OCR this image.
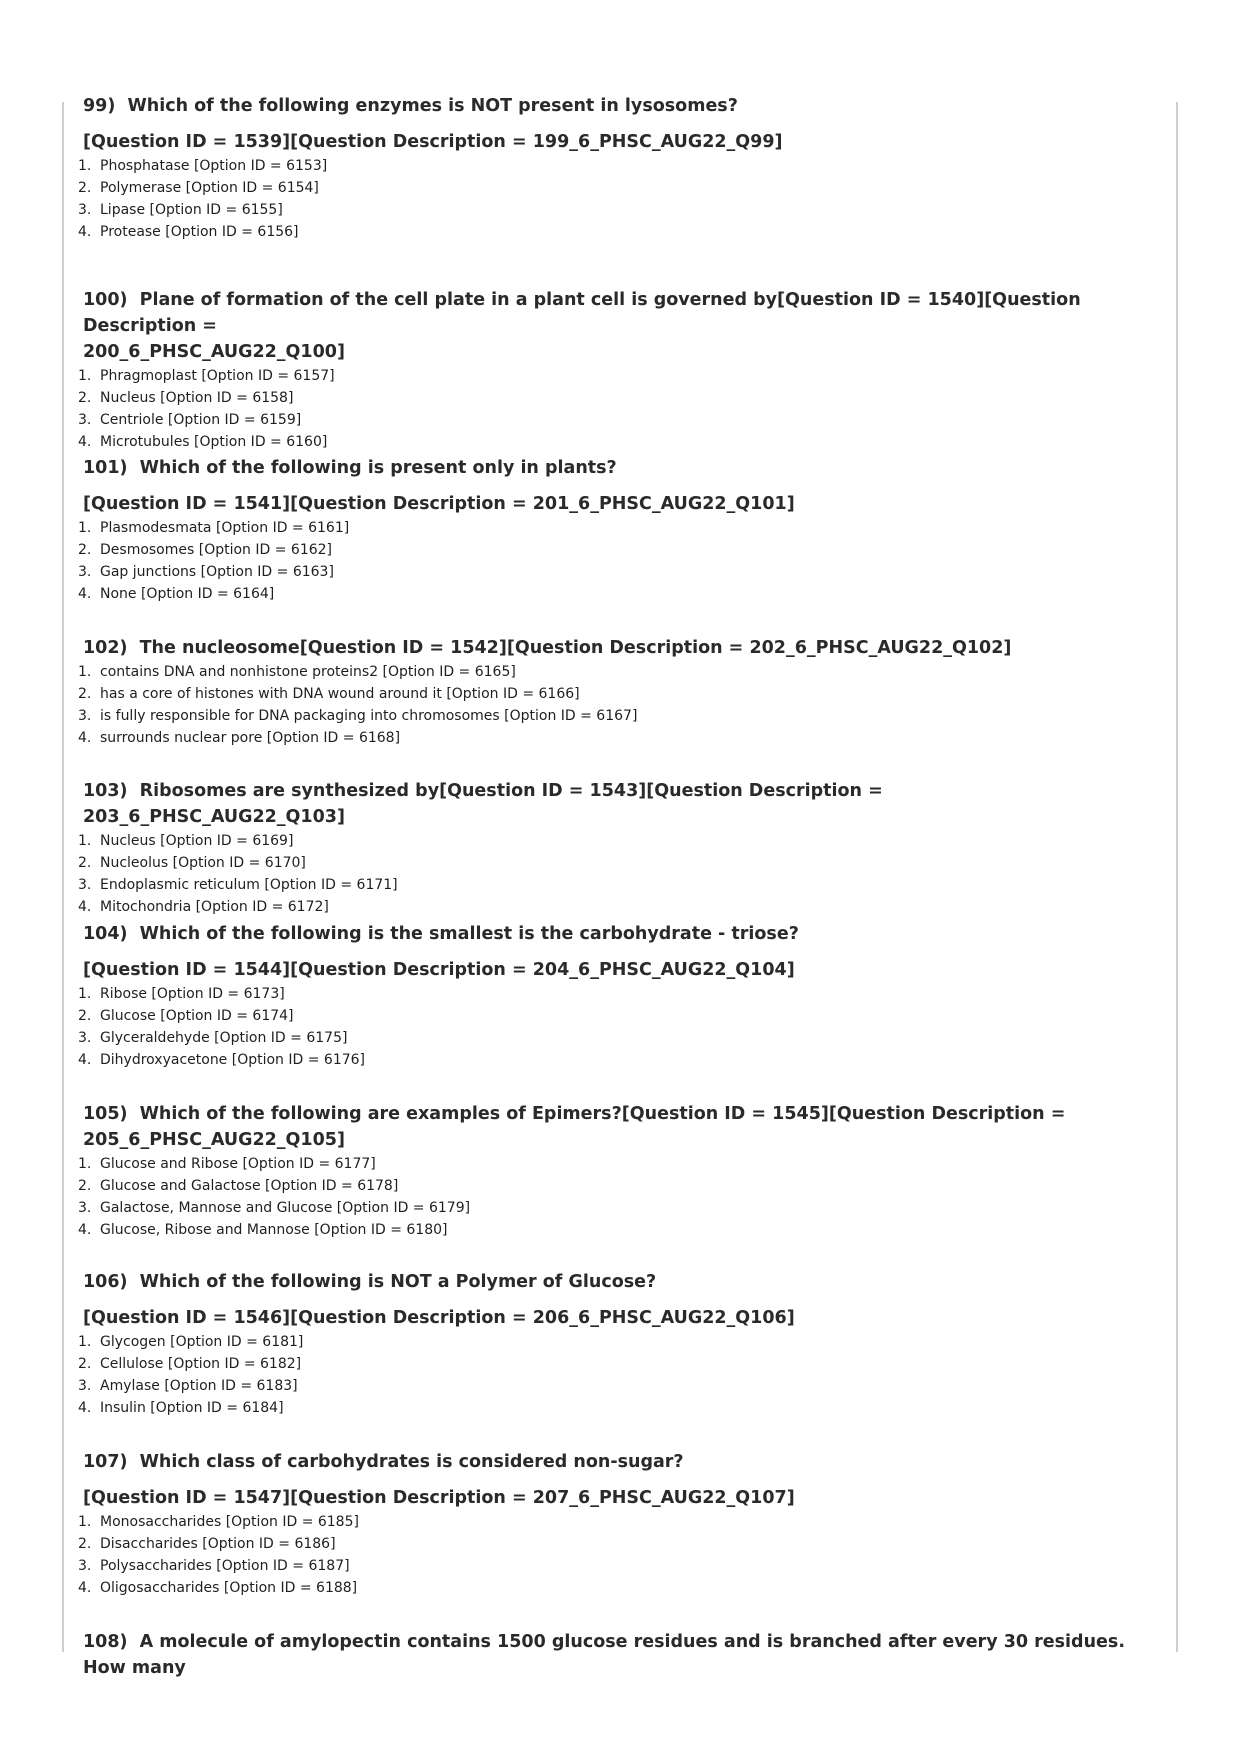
99) Which of the following enzymes is NOT present in lysosomes?
[Question ID = 1539][Question Description = 199_6_PHSC_AUG22_Q99]
1. Phosphatase [Option ID = 6153]
2. Polymerase [Option ID = 6154]
3. Lipase [Option ID = 6155]
4. Protease [Option ID = 6156]
100) Plane of formation of the cell plate in a plant cell is governed by[Question ID = 1540][Question Description =
200_6_PHSC_AUG22_Q100]
1. Phragmoplast [Option ID = 6157]
2. Nucleus [Option ID = 6158]
3. Centriole [Option ID = 6159]
4. Microtubules [Option ID = 6160]
101) Which of the following is present only in plants?
[Question ID = 1541][Question Description = 201_6_PHSC_AUG22_Q101]
1. Plasmodesmata [Option ID = 6161]
2. Desmosomes [Option ID = 6162]
3. Gap junctions [Option ID = 6163]
4. None [Option ID = 6164]
102) The nucleosome[Question ID = 1542][Question Description = 202_6_PHSC_AUG22_Q102]
1. contains DNA and nonhistone proteins2 [Option ID = 6165]
2. has a core of histones with DNA wound around it [Option ID = 6166]
3. is fully responsible for DNA packaging into chromosomes [Option ID = 6167]
4. surrounds nuclear pore [Option ID = 6168]
103) Ribosomes are synthesized by[Question ID = 1543][Question Description = 203_6_PHSC_AUG22_Q103]
1. Nucleus [Option ID = 6169]
2. Nucleolus [Option ID = 6170]
3. Endoplasmic reticulum [Option ID = 6171]
4. Mitochondria [Option ID = 6172]
104) Which of the following is the smallest is the carbohydrate - triose?
[Question ID = 1544][Question Description = 204_6_PHSC_AUG22_Q104]
1. Ribose [Option ID = 6173]
2. Glucose [Option ID = 6174]
3. Glyceraldehyde [Option ID = 6175]
4. Dihydroxyacetone [Option ID = 6176]
105) Which of the following are examples of Epimers?[Question ID = 1545][Question Description =
205_6_PHSC_AUG22_Q105]
1. Glucose and Ribose [Option ID = 6177]
2. Glucose and Galactose [Option ID = 6178]
3. Galactose, Mannose and Glucose [Option ID = 6179]
4. Glucose, Ribose and Mannose [Option ID = 6180]
106) Which of the following is NOT a Polymer of Glucose?
[Question ID = 1546][Question Description = 206_6_PHSC_AUG22_Q106]
1. Glycogen [Option ID = 6181]
2. Cellulose [Option ID = 6182]
3. Amylase [Option ID = 6183]
4. Insulin [Option ID = 6184]
107) Which class of carbohydrates is considered non-sugar?
[Question ID = 1547][Question Description = 207_6_PHSC_AUG22_Q107]
1. Monosaccharides [Option ID = 6185]
2. Disaccharides [Option ID = 6186]
3. Polysaccharides [Option ID = 6187]
4. Oligosaccharides [Option ID = 6188]
108) A molecule of amylopectin contains 1500 glucose residues and is branched after every 30 residues. How many
